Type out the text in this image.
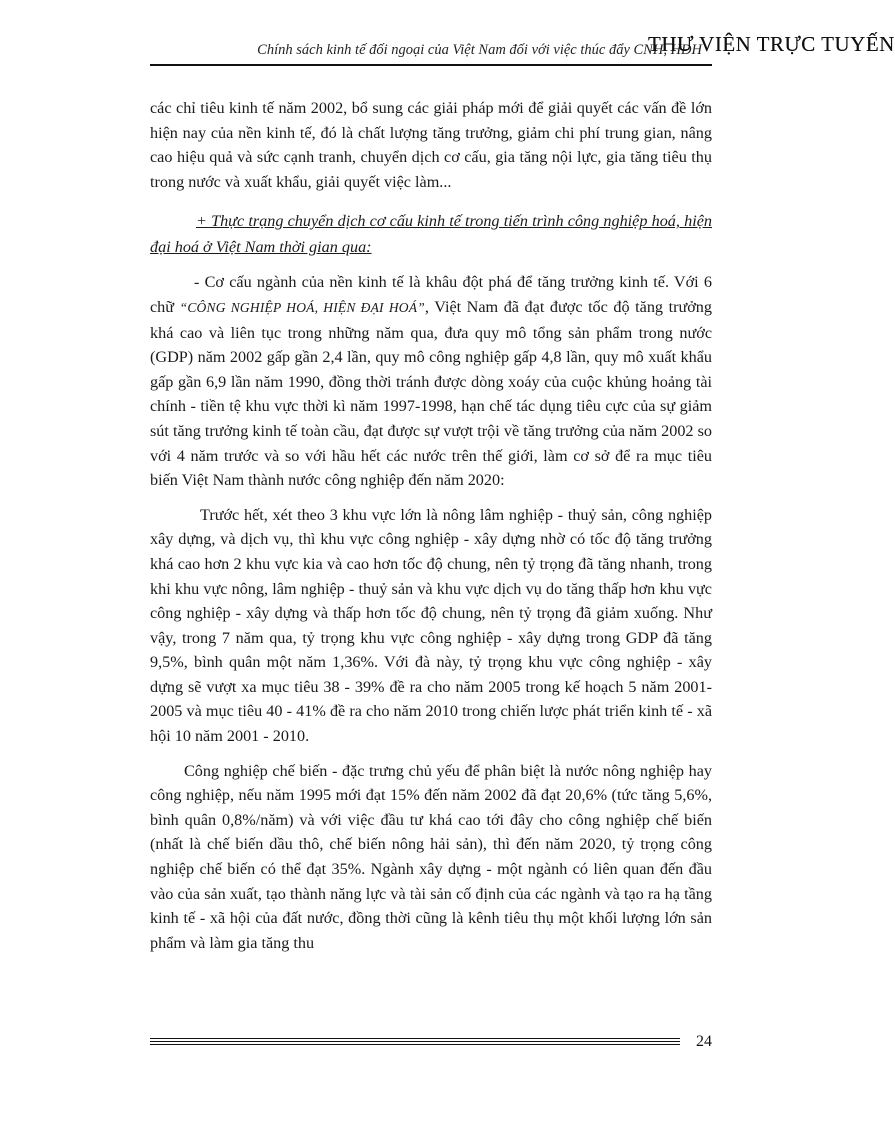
Chính sách kinh tế đối ngoại của Việt Nam đối với việc thúc đẩy CNH, HĐH
THƯ VIỆN TRỰC TUYẾN

các chỉ tiêu kinh tế năm 2002, bổ sung các giải pháp mới để giải quyết các vấn đề lớn hiện nay của nền kinh tế, đó là chất lượng tăng trưởng, giảm chi phí trung gian, nâng cao hiệu quả và sức cạnh tranh, chuyển dịch cơ cấu, gia tăng nội lực, gia tăng tiêu thụ trong nước và xuất khẩu, giải quyết việc làm...

+ Thực trạng chuyển dịch cơ cấu kinh tế trong tiến trình công nghiệp hoá, hiện đại hoá ở Việt Nam thời gian qua:

- Cơ cấu ngành của nền kinh tế là khâu đột phá để tăng trưởng kinh tế. Với 6 chữ “CÔNG NGHIỆP HOÁ, HIỆN ĐẠI HOÁ”, Việt Nam đã đạt được tốc độ tăng trưởng khá cao và liên tục trong những năm qua, đưa quy mô tổng sản phẩm trong nước (GDP) năm 2002 gấp gần 2,4 lần, quy mô công nghiệp gấp 4,8 lần, quy mô xuất khẩu gấp gần 6,9 lần năm 1990, đồng thời tránh được dòng xoáy của cuộc khủng hoảng tài chính - tiền tệ khu vực thời kì năm 1997-1998, hạn chế tác dụng tiêu cực của sự giảm sút tăng trưởng kinh tế toàn cầu, đạt được sự vượt trội về tăng trưởng của năm 2002 so với 4 năm trước và so với hầu hết các nước trên thế giới, làm cơ sở để ra mục tiêu biến Việt Nam thành nước công nghiệp đến năm 2020:

Trước hết, xét theo 3 khu vực lớn là nông lâm nghiệp - thuỷ sản, công nghiệp xây dựng, và dịch vụ, thì khu vực công nghiệp - xây dựng nhờ có tốc độ tăng trưởng khá cao hơn 2 khu vực kia và cao hơn tốc độ chung, nên tỷ trọng đã tăng nhanh, trong khi khu vực nông, lâm nghiệp - thuỷ sản và khu vực dịch vụ do tăng thấp hơn khu vực công nghiệp - xây dựng và thấp hơn tốc độ chung, nên tỷ trọng đã giảm xuống. Như vậy, trong 7 năm qua, tỷ trọng khu vực công nghiệp - xây dựng trong GDP đã tăng 9,5%, bình quân một năm 1,36%. Với đà này, tỷ trọng khu vực công nghiệp - xây dựng sẽ vượt xa mục tiêu 38 - 39% đề ra cho năm 2005 trong kế hoạch 5 năm 2001-2005 và mục tiêu 40 - 41% đề ra cho năm 2010 trong chiến lược phát triển kinh tế - xã hội 10 năm 2001 - 2010.

Công nghiệp chế biến - đặc trưng chủ yếu để phân biệt là nước nông nghiệp hay công nghiệp, nếu năm 1995 mới đạt 15% đến năm 2002 đã đạt 20,6% (tức tăng 5,6%, bình quân 0,8%/năm) và với việc đầu tư khá cao tới đây cho công nghiệp chế biến (nhất là chế biến dầu thô, chế biến nông hải sản), thì đến năm 2020, tỷ trọng công nghiệp chế biến có thể đạt 35%. Ngành xây dựng - một ngành có liên quan đến đầu vào của sản xuất, tạo thành năng lực và tài sản cố định của các ngành và tạo ra hạ tầng kinh tế - xã hội của đất nước, đồng thời cũng là kênh tiêu thụ một khối lượng lớn sản phẩm và làm gia tăng thu

24
